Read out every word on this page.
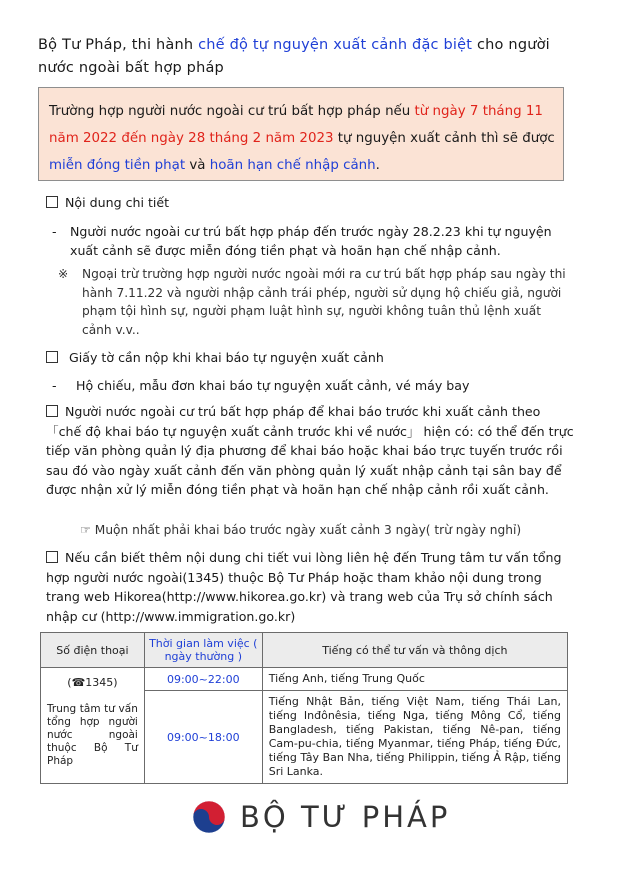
Bộ Tư Pháp, thi hành chế độ tự nguyện xuất cảnh đặc biệt cho người nước ngoài bất hợp pháp
Trường hợp người nước ngoài cư trú bất hợp pháp nếu từ ngày 7 tháng 11 năm 2022 đến ngày 28 tháng 2 năm 2023 tự nguyện xuất cảnh thì sẽ được miễn đóng tiền phạt và hoãn hạn chế nhập cảnh.
Nội dung chi tiết
-	Người nước ngoài cư trú bất hợp pháp đến trước ngày 28.2.23 khi tự nguyện xuất cảnh sẽ được miễn đóng tiền phạt và hoãn hạn chế nhập cảnh.
※	Ngoại trừ trường hợp người nước ngoài mới ra cư trú bất hợp pháp sau ngày thi hành 7.11.22 và người nhập cảnh trái phép, người sử dụng hộ chiếu giả, người phạm tội hình sự, người phạm luật hình sự, người không tuân thủ lệnh xuất cảnh v.v..
Giấy tờ cần nộp khi khai báo tự nguyện xuất cảnh
-	Hộ chiếu, mẫu đơn khai báo tự nguyện xuất cảnh, vé máy bay
Người nước ngoài cư trú bất hợp pháp để khai báo trước khi xuất cảnh theo 「chế độ khai báo tự nguyện xuất cảnh trước khi về nước」 hiện có: có thể đến trực tiếp văn phòng quản lý địa phương để khai báo hoặc khai báo trực tuyến trước rồi sau đó vào ngày xuất cảnh đến văn phòng quản lý xuất nhập cảnh tại sân bay để được nhận xử lý miễn đóng tiền phạt và hoãn hạn chế nhập cảnh rồi xuất cảnh.
☞ Muộn nhất phải khai báo trước ngày xuất cảnh 3 ngày( trừ ngày nghỉ)
Nếu cần biết thêm nội dung chi tiết vui lòng liên hệ đến Trung tâm tư vấn tổng hợp người nước ngoài(1345) thuộc Bộ Tư Pháp hoặc tham khảo nội dung trong trang web Hikorea(http://www.hikorea.go.kr) và trang web của Trụ sở chính sách nhập cư (http://www.immigration.go.kr)
Số điện thoại	Thời gian làm việc ( ngày thường )	Tiếng có thể tư vấn và thông dịch

(☎1345)
Trung tâm tư vấn tổng hợp người nước ngoài thuộc Bộ Tư Pháp	09:00~22:00	Tiếng Anh, tiếng Trung Quốc
	09:00~18:00	Tiếng Nhật Bản, tiếng Việt Nam, tiếng Thái Lan, tiếng Inđônêsia, tiếng Nga, tiếng Mông Cổ, tiếng Bangladesh, tiếng Pakistan, tiếng Nê-pan, tiếng Cam-pu-chia, tiếng Myanmar, tiếng Pháp, tiếng Đức, tiếng Tây Ban Nha, tiếng Philippin, tiếng Ả Rập, tiếng Sri Lanka.
BỘ TƯ PHÁP
